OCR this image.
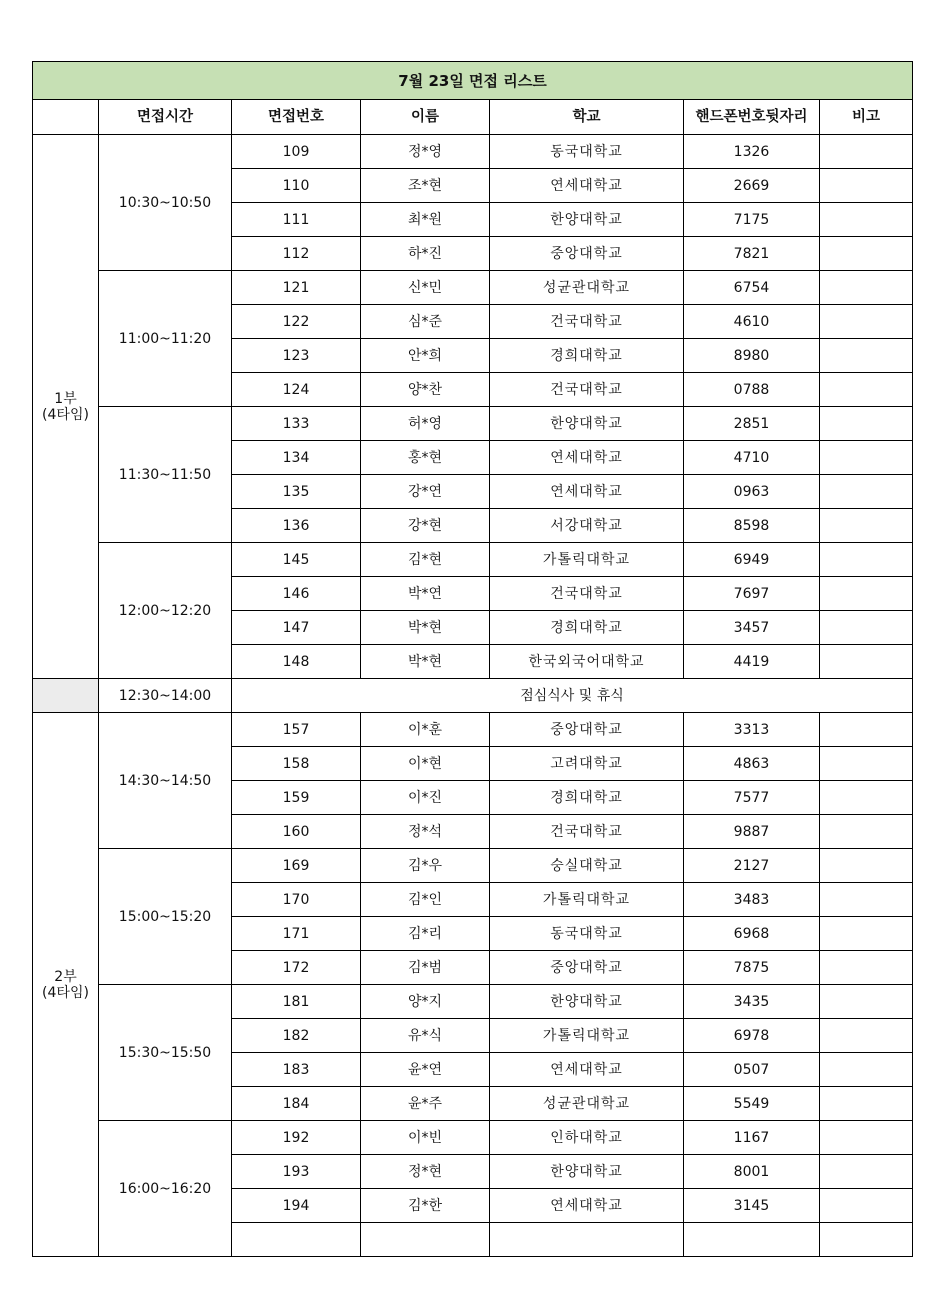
7월 23일 면접 리스트						
	면접시간	면접번호	이름	학교	핸드폰번호뒷자리	비고

1부
(4타임)	10:30~10:50	109	정*영	동국대학교	1326	
		110	조*현	연세대학교	2669	
		111	최*원	한양대학교	7175	
		112	하*진	중앙대학교	7821	
	11:00~11:20	121	신*민	성균관대학교	6754	
		122	심*준	건국대학교	4610	
		123	안*희	경희대학교	8980	
		124	양*찬	건국대학교	0788	
	11:30~11:50	133	허*영	한양대학교	2851	
		134	홍*현	연세대학교	4710	
		135	강*연	연세대학교	0963	
		136	강*현	서강대학교	8598	
	12:00~12:20	145	김*현	가톨릭대학교	6949	
		146	박*연	건국대학교	7697	
		147	박*현	경희대학교	3457	
		148	박*현	한국외국어대학교	4419	
	12:30~14:00	점심식사 및 휴식				

2부
(4타임)	14:30~14:50	157	이*훈	중앙대학교	3313	
		158	이*현	고려대학교	4863	
		159	이*진	경희대학교	7577	
		160	정*석	건국대학교	9887	
	15:00~15:20	169	김*우	숭실대학교	2127	
		170	김*인	가톨릭대학교	3483	
		171	김*리	동국대학교	6968	
		172	김*범	중앙대학교	7875	
	15:30~15:50	181	양*지	한양대학교	3435	
		182	유*식	가톨릭대학교	6978	
		183	윤*연	연세대학교	0507	
		184	윤*주	성균관대학교	5549	
	16:00~16:20	192	이*빈	인하대학교	1167	
		193	정*현	한양대학교	8001	
		194	김*한	연세대학교	3145	
